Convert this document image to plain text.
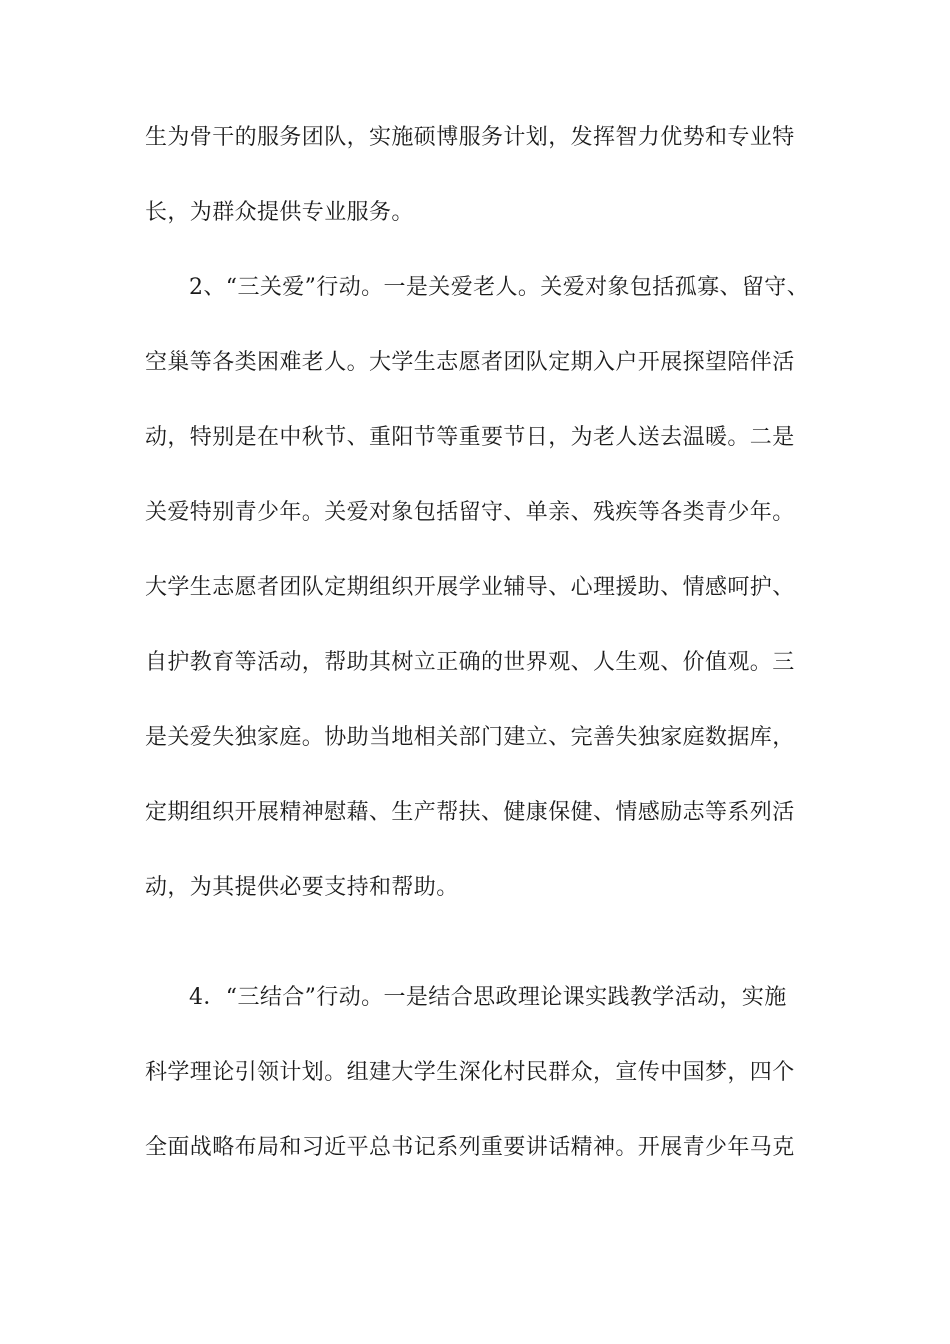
生为骨干的服务团队，实施硕博服务计划，发挥智力优势和专业特
长，为群众提供专业服务。
2、“三关爱”行动。一是关爱老人。关爱对象包括孤寡、留守、
空巢等各类困难老人。大学生志愿者团队定期入户开展探望陪伴活
动，特别是在中秋节、重阳节等重要节日，为老人送去温暖。二是
关爱特别青少年。关爱对象包括留守、单亲、残疾等各类青少年。
大学生志愿者团队定期组织开展学业辅导、心理援助、情感呵护、
自护教育等活动，帮助其树立正确的世界观、人生观、价值观。三
是关爱失独家庭。协助当地相关部门建立、完善失独家庭数据库，
定期组织开展精神慰藉、生产帮扶、健康保健、情感励志等系列活
动，为其提供必要支持和帮助。
4．“三结合”行动。一是结合思政理论课实践教学活动，实施
科学理论引领计划。组建大学生深化村民群众，宣传中国梦，四个
全面战略布局和习近平总书记系列重要讲话精神。开展青少年马克
